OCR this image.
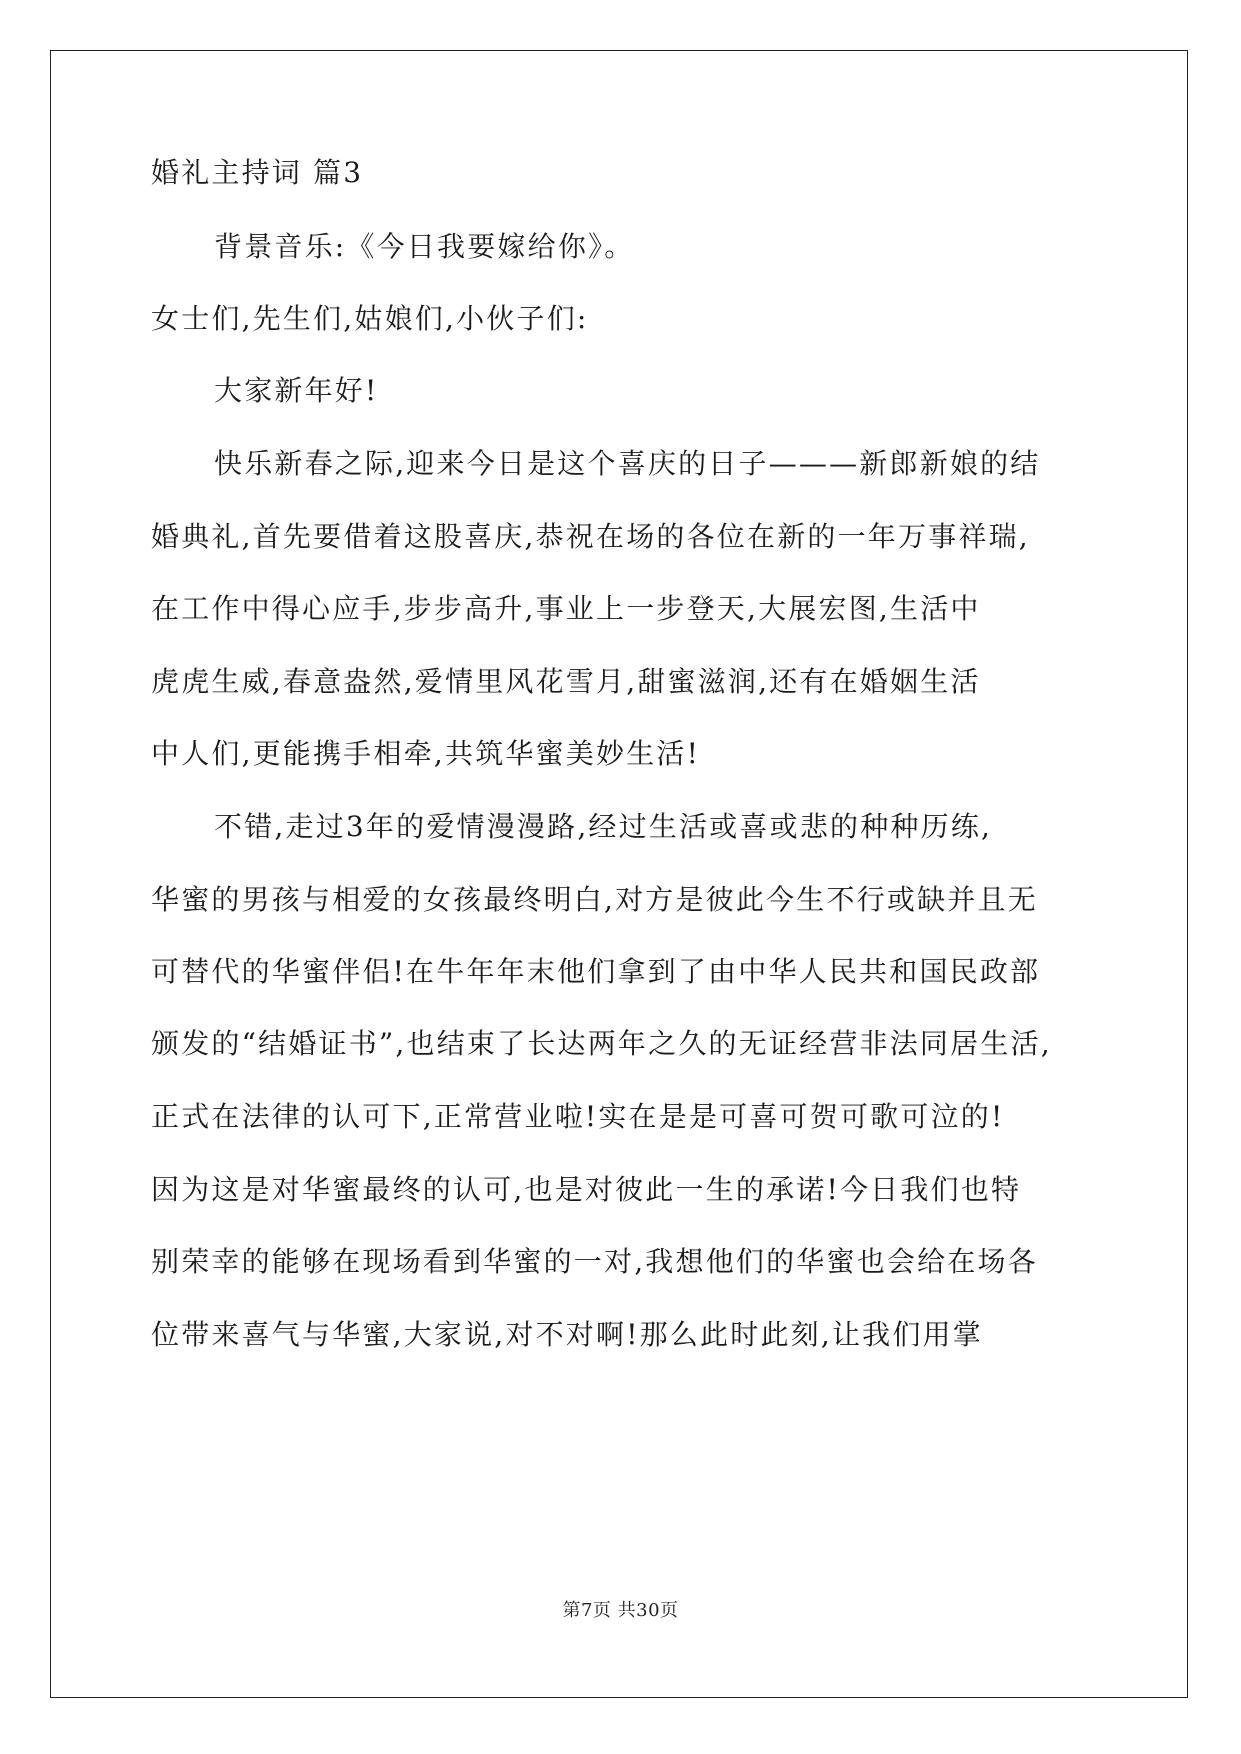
婚礼主持词 篇3
背景音乐:《今日我要嫁给你》。
女士们,先生们,姑娘们,小伙子们:
大家新年好!
快乐新春之际,迎来今日是这个喜庆的日子———新郎新娘的结
婚典礼,首先要借着这股喜庆,恭祝在场的各位在新的一年万事祥瑞,
在工作中得心应手,步步高升,事业上一步登天,大展宏图,生活中
虎虎生威,春意盎然,爱情里风花雪月,甜蜜滋润,还有在婚姻生活
中人们,更能携手相牵,共筑华蜜美妙生活!
不错,走过3年的爱情漫漫路,经过生活或喜或悲的种种历练,
华蜜的男孩与相爱的女孩最终明白,对方是彼此今生不行或缺并且无
可替代的华蜜伴侣!在牛年年末他们拿到了由中华人民共和国民政部
颁发的“结婚证书”,也结束了长达两年之久的无证经营非法同居生活,
正式在法律的认可下,正常营业啦!实在是是可喜可贺可歌可泣的!
因为这是对华蜜最终的认可,也是对彼此一生的承诺!今日我们也特
别荣幸的能够在现场看到华蜜的一对,我想他们的华蜜也会给在场各
位带来喜气与华蜜,大家说,对不对啊!那么此时此刻,让我们用掌
第7页 共30页
